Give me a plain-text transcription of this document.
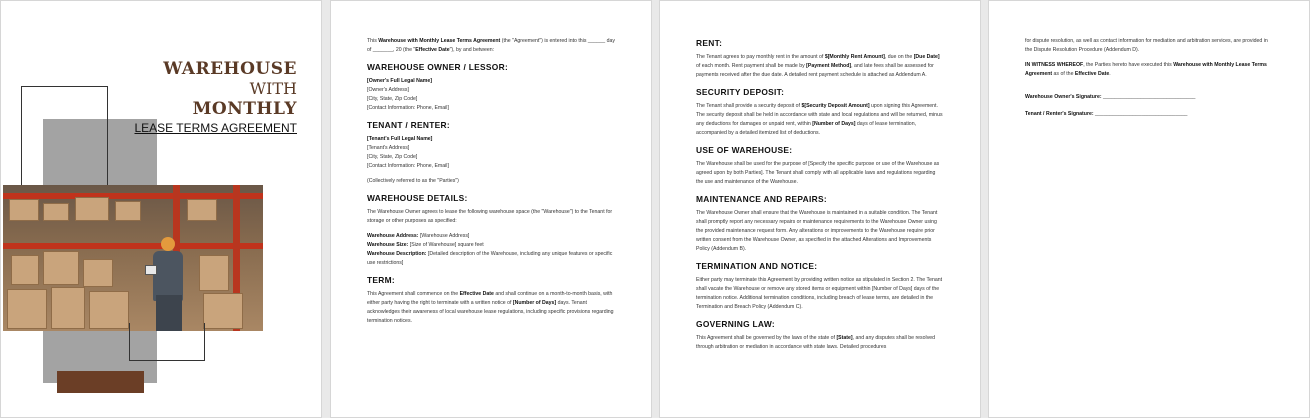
WAREHOUSE
WITH
MONTHLY
LEASE TERMS AGREEMENT

This Warehouse with Monthly Lease Terms Agreement (the "Agreement") is entered into this ______ day of _______, 20 (the "Effective Date"), by and between:

WAREHOUSE OWNER / LESSOR:

[Owner's Full Legal Name]

[Owner's Address]

[City, State, Zip Code]

[Contact Information: Phone, Email]

TENANT / RENTER:

[Tenant's Full Legal Name]

[Tenant's Address]

[City, State, Zip Code]

[Contact Information: Phone, Email]

(Collectively referred to as the "Parties")

WAREHOUSE DETAILS:

The Warehouse Owner agrees to lease the following warehouse space (the "Warehouse") to the Tenant for storage or other purposes as specified:

Warehouse Address: [Warehouse Address]

Warehouse Size: [Size of Warehouse] square feet

Warehouse Description: [Detailed description of the Warehouse, including any unique features or specific use restrictions]

TERM:

This Agreement shall commence on the Effective Date and shall continue on a month-to-month basis, with either party having the right to terminate with a written notice of [Number of Days] days. Tenant acknowledges their awareness of local warehouse lease regulations, including specific provisions regarding termination notices.

RENT:

The Tenant agrees to pay monthly rent in the amount of $[Monthly Rent Amount], due on the [Due Date] of each month. Rent payment shall be made by [Payment Method], and late fees shall be assessed for payments received after the due date. A detailed rent payment schedule is attached as Addendum A.

SECURITY DEPOSIT:

The Tenant shall provide a security deposit of $[Security Deposit Amount] upon signing this Agreement. The security deposit shall be held in accordance with state and local regulations and will be returned, minus any deductions for damages or unpaid rent, within [Number of Days] days of lease termination, accompanied by a detailed itemized list of deductions.

USE OF WAREHOUSE:

The Warehouse shall be used for the purpose of [Specify the specific purpose or use of the Warehouse as agreed upon by both Parties]. The Tenant shall comply with all applicable laws and regulations regarding the use and maintenance of the Warehouse.

MAINTENANCE AND REPAIRS:

The Warehouse Owner shall ensure that the Warehouse is maintained in a suitable condition. The Tenant shall promptly report any necessary repairs or maintenance requirements to the Warehouse Owner using the provided maintenance request form. Any alterations or improvements to the Warehouse require prior written consent from the Warehouse Owner, as specified in the attached Alterations and Improvements Policy (Addendum B).

TERMINATION AND NOTICE:

Either party may terminate this Agreement by providing written notice as stipulated in Section 2. The Tenant shall vacate the Warehouse or remove any stored items or equipment within [Number of Days] days of the termination notice. Additional termination conditions, including breach of lease terms, are detailed in the Termination and Breach Policy (Addendum C).

GOVERNING LAW:

This Agreement shall be governed by the laws of the state of [State], and any disputes shall be resolved through arbitration or mediation in accordance with state laws. Detailed procedures

for dispute resolution, as well as contact information for mediation and arbitration services, are provided in the Dispute Resolution Procedure (Addendum D).

IN WITNESS WHEREOF, the Parties hereto have executed this Warehouse with Monthly Lease Terms Agreement as of the Effective Date.

Warehouse Owner's Signature: ________________________________

Tenant / Renter's Signature: ________________________________
